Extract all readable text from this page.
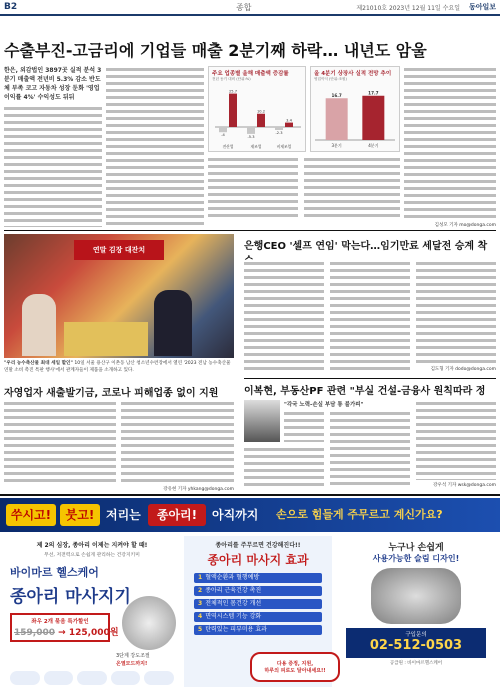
B2	종합	제21010호 2023년 12월 11일 수요일 동아일보
수출부진-고금리에 기업들 매출 2분기째 하락… 내년도 암울
한은, 외감법인 3897곳 실적 분석 3분기 매출액 전년비 5.3% 감소 반도체 부족 코고 자동차 성장 둔화 '영업이익률 4%' 수익성도 뒤뒤
주요 업종별 올해 매출액 증감률
전년 동기 대비 (단위:%)
-4
25.7
전산업
-5.3
10.2
제조업
-2.3
3.4
비제조업
올 4분기 상장사 실적 전망 추이
영업이익 (단위:조원)
16.7
3분기
17.7
4분기
김성모 기자 mo@donga.com
연말 김장 대잔치
"우리 농수축산물 최대 세일 할인" 10일 서울 용산구 이촌동 남산 청소년수련장에서 열린 '2023 전남 농수축산물 연말 소비 촉진 특판 행사'에서 관계자들이 제품을 소개하고 있다.
자영업자 새출발기금, 코로나 피해업종 없이 지원
강유현 기자 yhkang@donga.com
은행CEO '셀프 연임' 막는다…임기만료 세달전 승계 착
김도형 기자 dodo@donga.com
이복현, 부동산PF 관련 "부실 건설-금융사 원칙따라 정
"각국 노력-손실 부담 통 불가피"
강우석 기자 wsk@donga.com
쑤시고!	붓고! 저리는	종아리!	아직까지 손으로 힘들게 주무르고 계신가요?
제 2의 심장, 종아리 이제는 지켜야 할 때!
무선, 저전력으로 손쉽게 관리하는 건강지키미
바이마르 헬스케어
종아리 마사지기
좌우 2개 묶음 특가할인
159,000 → 125,000원
3단계 강도조절
온열모드까지!
종아리를 주무르면 건강해진다!!
종아리 마사지 효과
1 혈액순환과 혈행예방
2 종아리 근육건강 촉진
3 전체적인 몸건강 개선
4 면역시스템 기능 강화
5 탄력있는 피부미용 효과
누구나 손쉽게
사용가능한 슬림 디자인!
구입문의
02-512-0503
공급원 : 바이마르헬스케어
다용 증정, 지원,
하루의 피로도 달아내세요!!
